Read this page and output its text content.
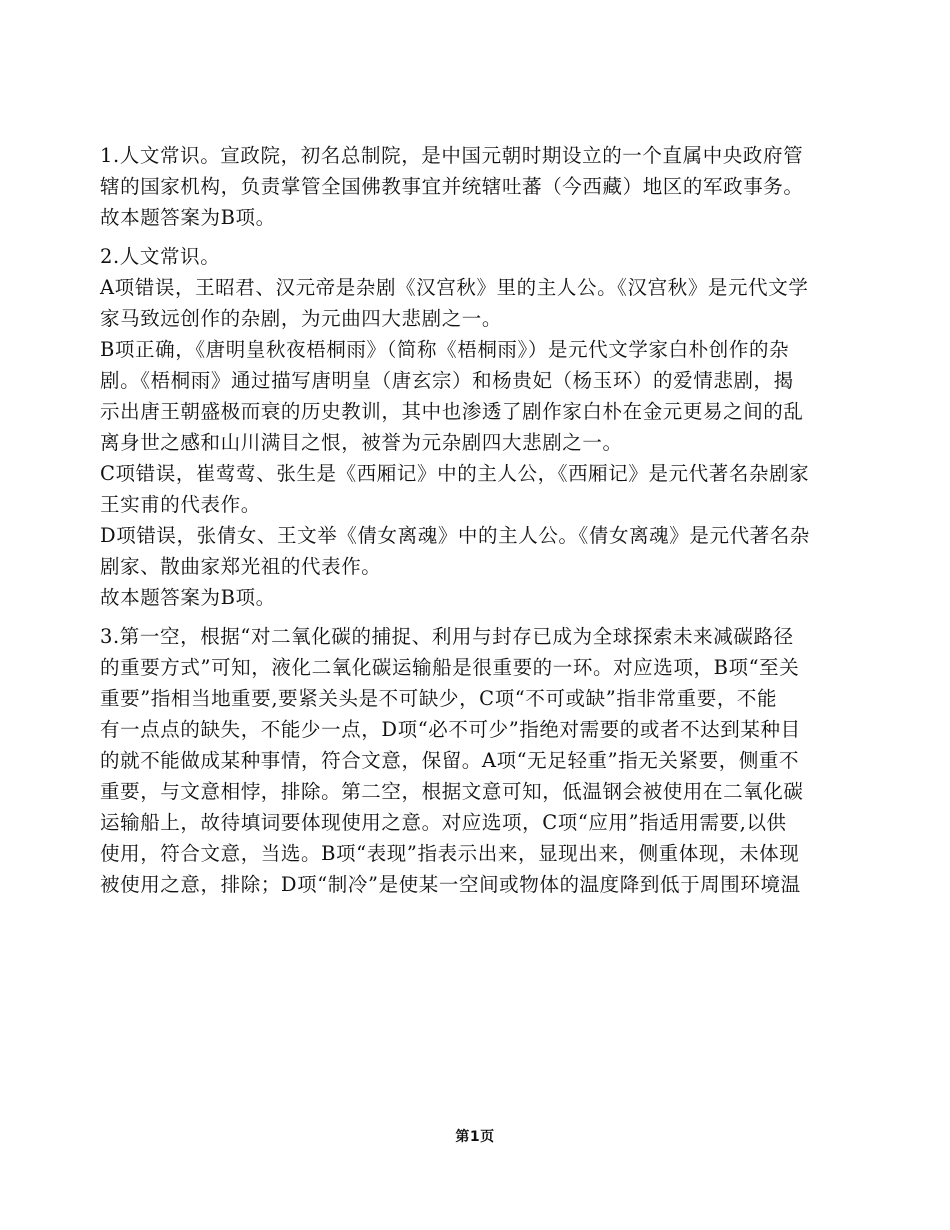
1.人文常识。宣政院，初名总制院，是中国元朝时期设立的一个直属中央政府管
辖的国家机构，负责掌管全国佛教事宜并统辖吐蕃（今西藏）地区的军政事务。
故本题答案为B项。
2.人文常识。
A项错误，王昭君、汉元帝是杂剧《汉宫秋》里的主人公。《汉宫秋》是元代文学
家马致远创作的杂剧，为元曲四大悲剧之一。
B项正确，《唐明皇秋夜梧桐雨》（简称《梧桐雨》）是元代文学家白朴创作的杂
剧。《梧桐雨》通过描写唐明皇（唐玄宗）和杨贵妃（杨玉环）的爱情悲剧，揭
示出唐王朝盛极而衰的历史教训，其中也渗透了剧作家白朴在金元更易之间的乱
离身世之感和山川满目之恨，被誉为元杂剧四大悲剧之一。
C项错误，崔莺莺、张生是《西厢记》中的主人公，《西厢记》是元代著名杂剧家
王实甫的代表作。
D项错误，张倩女、王文举《倩女离魂》中的主人公。《倩女离魂》是元代著名杂
剧家、散曲家郑光祖的代表作。
故本题答案为B项。
3.第一空，根据“对二氧化碳的捕捉、利用与封存已成为全球探索未来减碳路径
的重要方式”可知，液化二氧化碳运输船是很重要的一环。对应选项，B项“至关
重要”指相当地重要,要紧关头是不可缺少，C项“不可或缺”指非常重要，不能
有一点点的缺失，不能少一点，D项“必不可少”指绝对需要的或者不达到某种目
的就不能做成某种事情，符合文意，保留。A项“无足轻重”指无关紧要，侧重不
重要，与文意相悖，排除。第二空，根据文意可知，低温钢会被使用在二氧化碳
运输船上，故待填词要体现使用之意。对应选项，C项“应用”指适用需要,以供
使用，符合文意，当选。B项“表现”指表示出来，显现出来，侧重体现，未体现
被使用之意，排除；D项“制冷”是使某一空间或物体的温度降到低于周围环境温
第1页
